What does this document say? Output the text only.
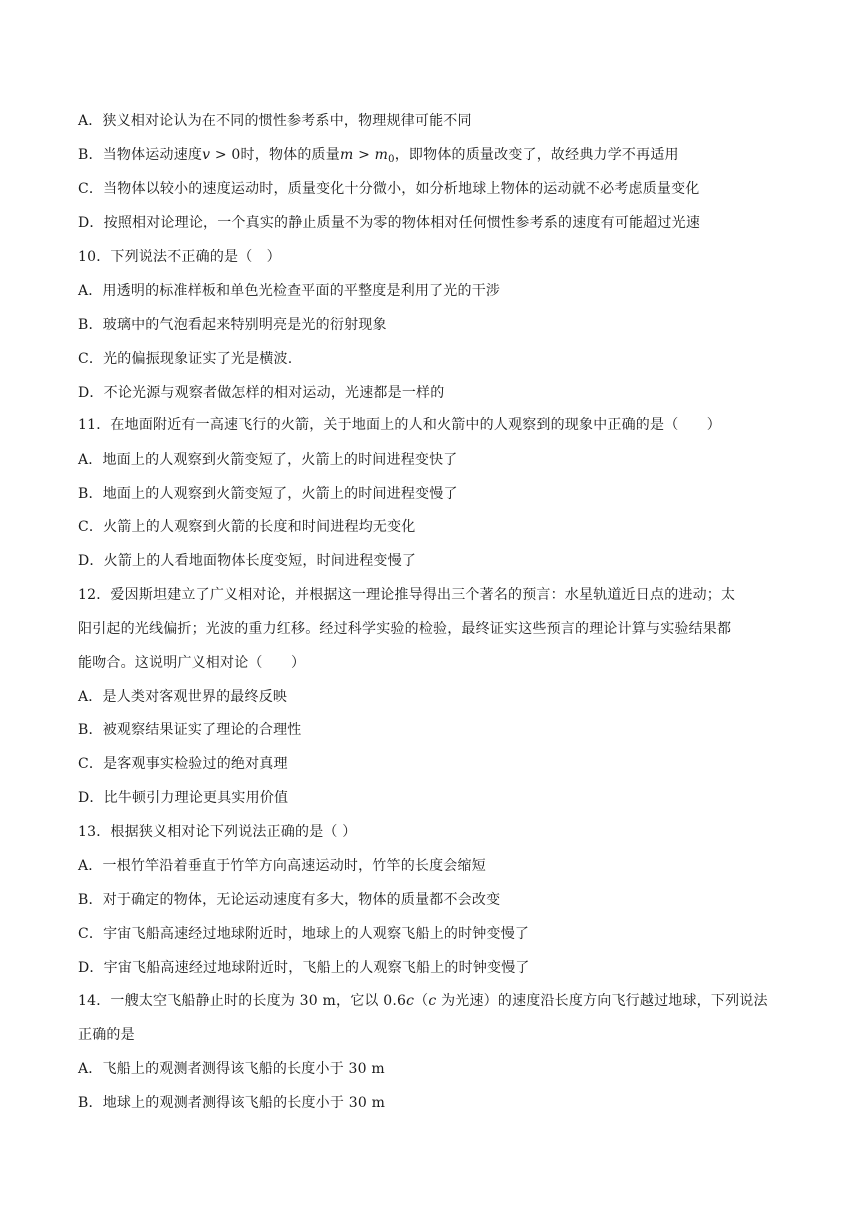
A．狭义相对论认为在不同的惯性参考系中，物理规律可能不同
B．当物体运动速度v > 0时，物体的质量$m > m_0$，即物体的质量改变了，故经典力学不再适用
C．当物体以较小的速度运动时，质量变化十分微小，如分析地球上物体的运动就不必考虑质量变化
D．按照相对论理论，一个真实的静止质量不为零的物体相对任何惯性参考系的速度有可能超过光速
10．下列说法不正确的是（　）
A．用透明的标准样板和单色光检查平面的平整度是利用了光的干涉
B．玻璃中的气泡看起来特别明亮是光的衍射现象
C．光的偏振现象证实了光是横波.
D．不论光源与观察者做怎样的相对运动，光速都是一样的
11．在地面附近有一高速飞行的火箭，关于地面上的人和火箭中的人观察到的现象中正确的是（　　）
A．地面上的人观察到火箭变短了，火箭上的时间进程变快了
B．地面上的人观察到火箭变短了，火箭上的时间进程变慢了
C．火箭上的人观察到火箭的长度和时间进程均无变化
D．火箭上的人看地面物体长度变短，时间进程变慢了
12．爱因斯坦建立了广义相对论，并根据这一理论推导得出三个著名的预言：水星轨道近日点的进动；太
阳引起的光线偏折；光波的重力红移。经过科学实验的检验，最终证实这些预言的理论计算与实验结果都
能吻合。这说明广义相对论（　　）
A．是人类对客观世界的最终反映
B．被观察结果证实了理论的合理性
C．是客观事实检验过的绝对真理
D．比牛顿引力理论更具实用价值
13．根据狭义相对论下列说法正确的是（ ）
A．一根竹竿沿着垂直于竹竿方向高速运动时，竹竿的长度会缩短
B．对于确定的物体，无论运动速度有多大，物体的质量都不会改变
C．宇宙飞船高速经过地球附近时，地球上的人观察飞船上的时钟变慢了
D．宇宙飞船高速经过地球附近时，飞船上的人观察飞船上的时钟变慢了
14．一艘太空飞船静止时的长度为 30 m，它以 0.6c（c 为光速）的速度沿长度方向飞行越过地球，下列说法
正确的是
A．飞船上的观测者测得该飞船的长度小于 30 m
B．地球上的观测者测得该飞船的长度小于 30 m
